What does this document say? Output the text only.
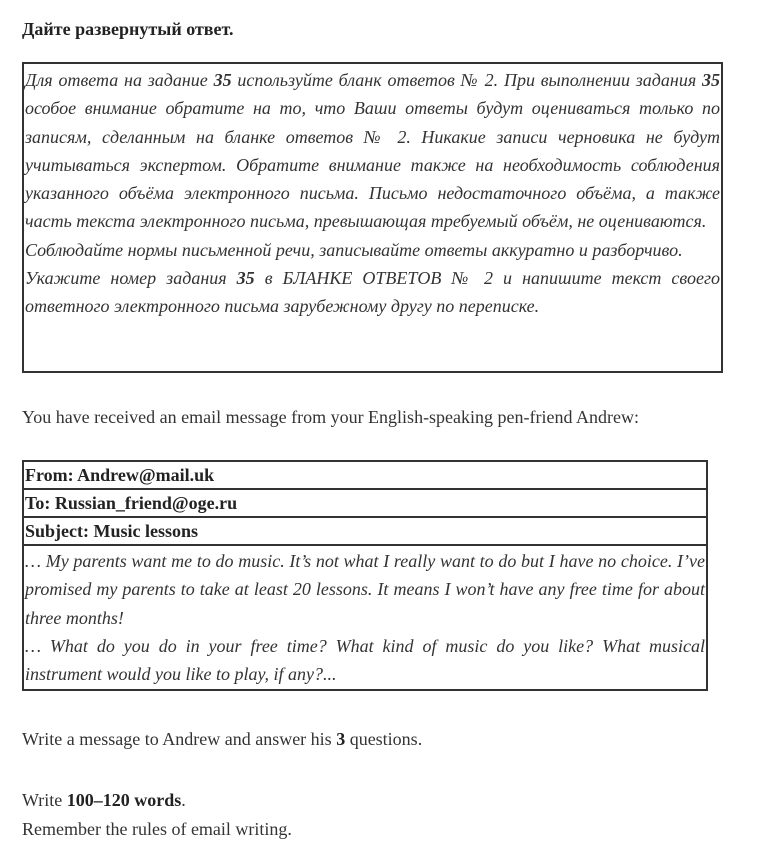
Дайте развернутый ответ.

Для ответа на задание 35 используйте бланк ответов № 2. При выполнении задания 35 особое внимание обратите на то, что Ваши ответы будут оцениваться только по записям, сделанным на бланке ответов № 2. Никакие записи черновика не будут учитываться экспертом. Обратите внимание также на необходимость соблюдения указанного объёма электронного письма. Письмо недостаточного объёма, а также часть текста электронного письма, превышающая требуемый объём, не оцениваются.

Соблюдайте нормы письменной речи, записывайте ответы аккуратно и разборчиво.

Укажите номер задания 35 в БЛАНКЕ ОТВЕТОВ № 2 и напишите текст своего ответного электронного письма зарубежному другу по переписке.

You have received an email message from your English-speaking pen-friend Andrew:
From: Andrew@mail.uk
To: Russian_friend@oge.ru
Subject: Music lessons

… My parents want me to do music. It’s not what I really want to do but I have no choice. I’ve promised my parents to take at least 20 lessons. It means I won’t have any free time for about three months!

… What do you do in your free time? What kind of music do you like? What musical instrument would you like to play, if any?...

Write a message to Andrew and answer his 3 questions.
Write 100–120 words.
Remember the rules of email writing.
